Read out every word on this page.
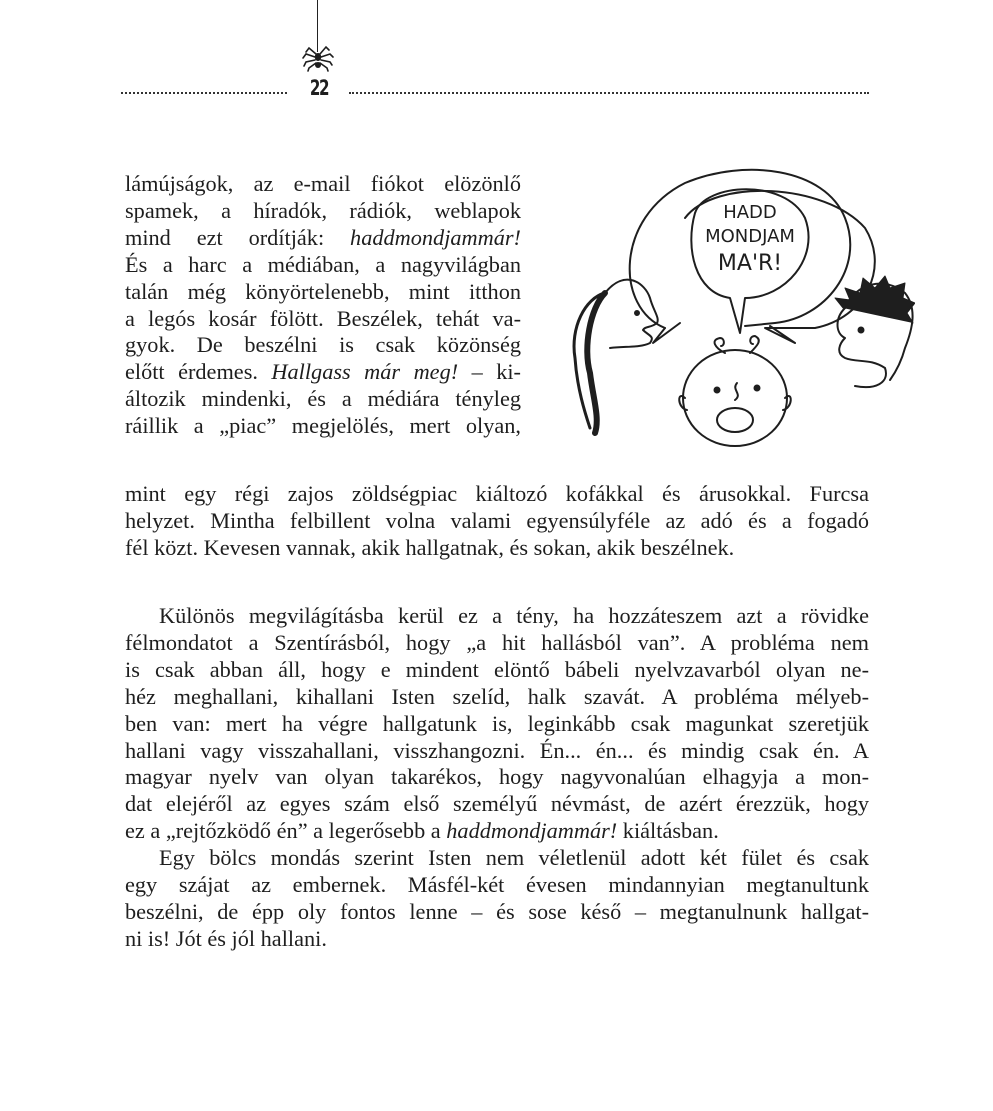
22
lámújságok, az e-mail fiókot elözönlő
spamek, a híradók, rádiók, weblapok
mind ezt ordítják: haddmondjammár!
És a harc a médiában, a nagyvilágban
talán még könyörtelenebb, mint itthon
a legós kosár fölött. Beszélek, tehát va-
gyok. De beszélni is csak közönség
előtt érdemes. Hallgass már meg! – ki-
áltozik mindenki, és a médiára tényleg
ráillik a „piac” megjelölés, mert olyan,
mint egy régi zajos zöldségpiac kiáltozó kofákkal és árusokkal. Furcsa
helyzet. Mintha felbillent volna valami egyensúlyféle az adó és a fogadó
fél közt. Kevesen vannak, akik hallgatnak, és sokan, akik beszélnek.
Különös megvilágításba kerül ez a tény, ha hozzáteszem azt a rövidke
félmondatot a Szentírásból, hogy „a hit hallásból van”. A probléma nem
is csak abban áll, hogy e mindent elöntő bábeli nyelvzavarból olyan ne-
héz meghallani, kihallani Isten szelíd, halk szavát. A probléma mélyeb-
ben van: mert ha végre hallgatunk is, leginkább csak magunkat szeretjük
hallani vagy visszahallani, visszhangozni. Én... én... és mindig csak én. A
magyar nyelv van olyan takarékos, hogy nagyvonalúan elhagyja a mon-
dat elejéről az egyes szám első személyű névmást, de azért érezzük, hogy
ez a „rejtőzködő én” a legerősebb a haddmondjammár! kiáltásban.
Egy bölcs mondás szerint Isten nem véletlenül adott két fület és csak
egy szájat az embernek. Másfél-két évesen mindannyian megtanultunk
beszélni, de épp oly fontos lenne – és sose késő – megtanulnunk hallgat-
ni is! Jót és jól hallani.
HADD
MONDJAM
MA'R!
